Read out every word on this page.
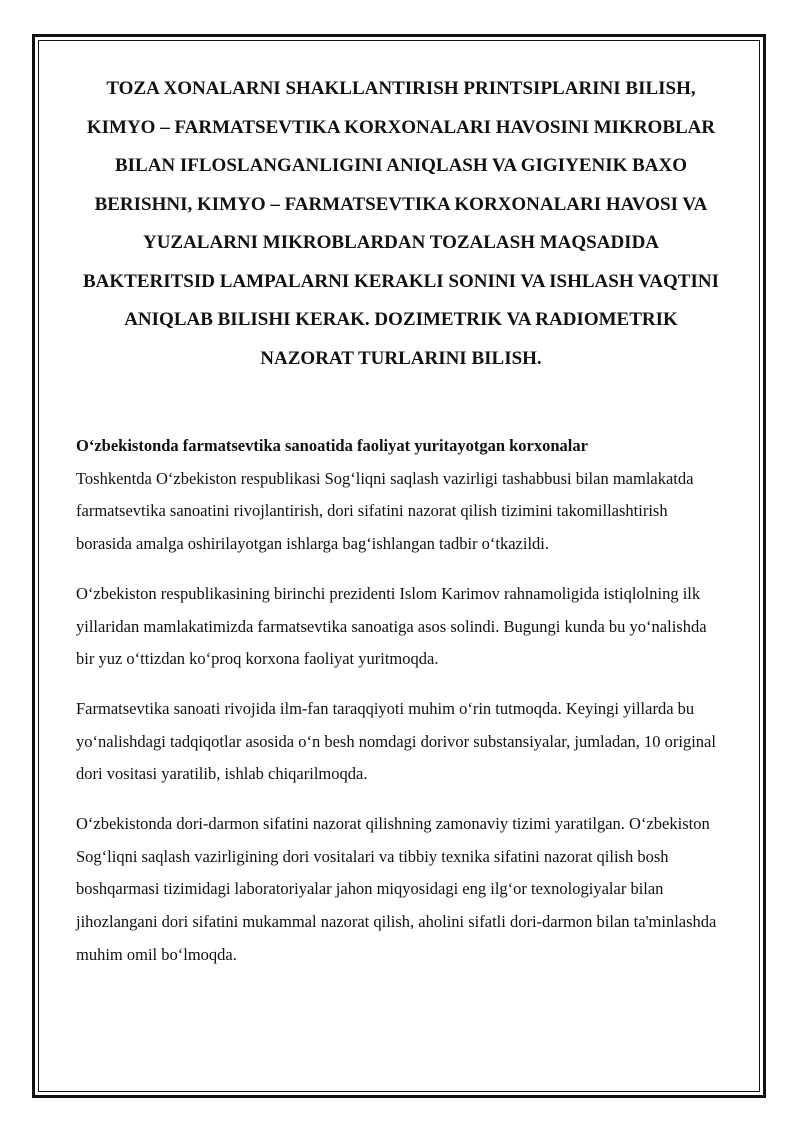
TOZA XONALARNI SHAKLLANTIRISH PRINTSIPLARINI BILISH, KIMYO – FARMATSEVTIKA KORXONALARI HAVOSINI MIKROBLAR BILAN IFLOSLANGANLIGINI ANIQLASH VA GIGIYENIK BAXO BERISHNI, KIMYO – FARMATSEVTIKA KORXONALARI HAVOSI VA YUZALARNI MIKROBLARDAN TOZALASH MAQSADIDA BAKTERITSID LAMPALARNI KERAKLI SONINI VA ISHLASH VAQTINI ANIQLAB BILISHI KERAK. DOZIMETRIK VA RADIOMETRIK NAZORAT TURLARINI BILISH.
O‘zbekistonda farmatsevtika sanoatida faoliyat yuritayotgan korxonalar

Toshkentda O‘zbekiston respublikasi Sog‘liqni saqlash vazirligi tashabbusi bilan mamlakatda farmatsevtika sanoatini rivojlantirish, dori sifatini nazorat qilish tizimini takomillashtirish borasida amalga oshirilayotgan ishlarga bag‘ishlangan tadbir o‘tkazildi.

O‘zbekiston respublikasining birinchi prezidenti Islom Karimov rahnamoligida istiqlolning ilk yillaridan mamlakatimizda farmatsevtika sanoatiga asos solindi. Bugungi kunda bu yo‘nalishda bir yuz o‘ttizdan ko‘proq korxona faoliyat yuritmoqda.

Farmatsevtika sanoati rivojida ilm-fan taraqqiyoti muhim o‘rin tutmoqda. Keyingi yillarda bu yo‘nalishdagi tadqiqotlar asosida o‘n besh nomdagi dorivor substansiyalar, jumladan, 10 original dori vositasi yaratilib, ishlab chiqarilmoqda.

O‘zbekistonda dori-darmon sifatini nazorat qilishning zamonaviy tizimi yaratilgan. O‘zbekiston Sog‘liqni saqlash vazirligining dori vositalari va tibbiy texnika sifatini nazorat qilish bosh boshqarmasi tizimidagi laboratoriyalar jahon miqyosidagi eng ilg‘or texnologiyalar bilan jihozlangani dori sifatini mukammal nazorat qilish, aholini sifatli dori-darmon bilan ta'minlashda muhim omil bo‘lmoqda.
